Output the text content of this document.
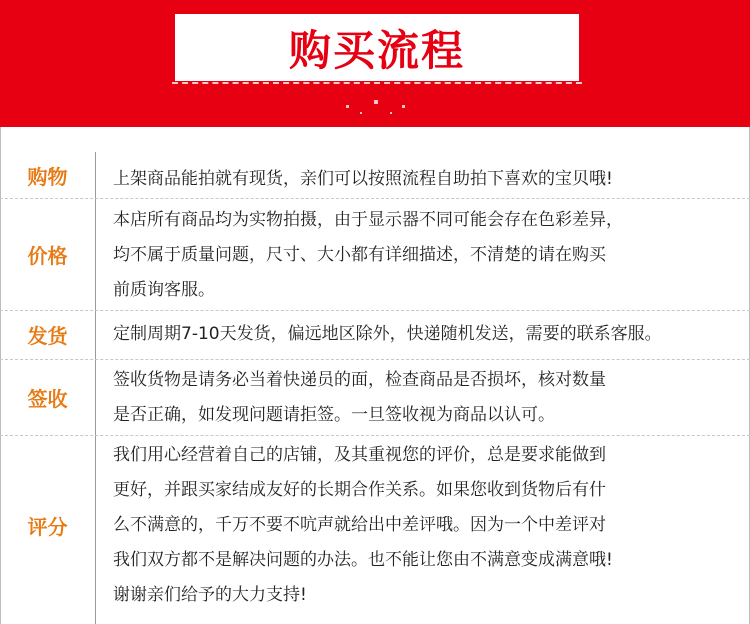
购买流程
购物	上架商品能拍就有现货，亲们可以按照流程自助拍下喜欢的宝贝哦!
价格
本店所有商品均为实物拍摄，由于显示器不同可能会存在色彩差异，
均不属于质量问题，尺寸、大小都有详细描述，不清楚的请在购买
前质询客服。
发货	定制周期7-10天发货，偏远地区除外，快递随机发送，需要的联系客服。
签收
签收货物是请务必当着快递员的面，检查商品是否损坏，核对数量
是否正确，如发现问题请拒签。一旦签收视为商品以认可。
评分
我们用心经营着自己的店铺，及其重视您的评价，总是要求能做到
更好，并跟买家结成友好的长期合作关系。如果您收到货物后有什
么不满意的，千万不要不吭声就给出中差评哦。因为一个中差评对
我们双方都不是解决问题的办法。也不能让您由不满意变成满意哦!
谢谢亲们给予的大力支持!
